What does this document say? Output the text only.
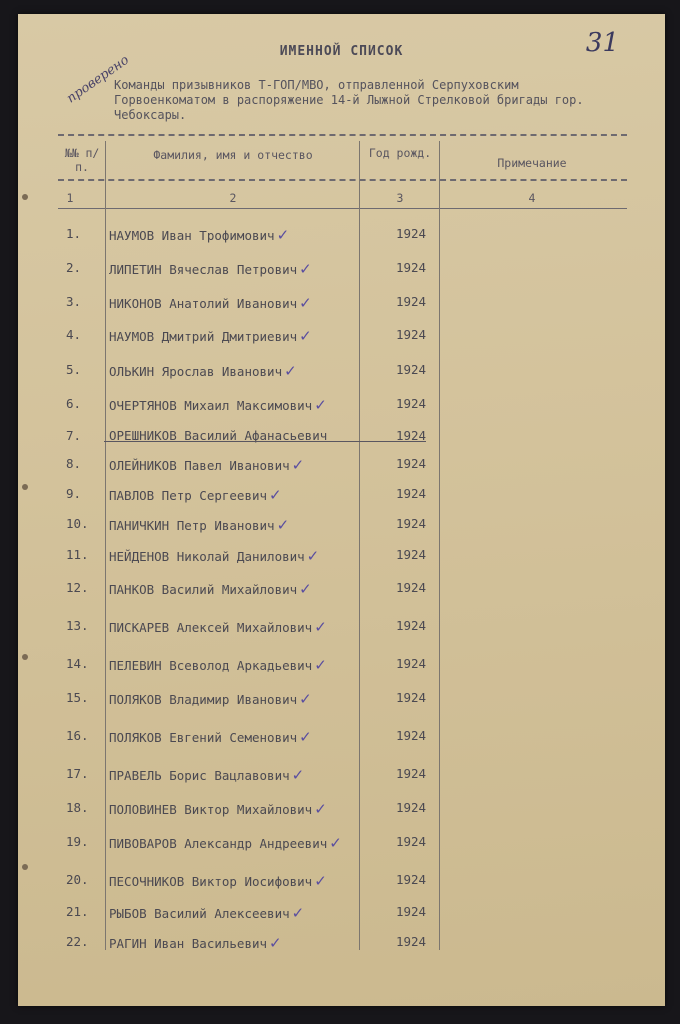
31
проверено
ИМЕННОЙ СПИСОК
Команды призывников Т-ГОП/МВО, отправленной Серпуховским Горвоенкоматом в распоряжение 14-й Лыжной Стрелковой бригады гор. Чебоксары.
№№ п/п.
Фамилия, имя и отчество	Год рожд.
Примечание
1	2	3	4
1.	НАУМОВ Иван Трофимович ✓	1924
2.	ЛИПЕТИН Вячеслав Петрович ✓	1924
3.	НИКОНОВ Анатолий Иванович ✓	1924
4.	НАУМОВ Дмитрий Дмитриевич ✓	1924
5.	ОЛЬКИН Ярослав Иванович ✓	1924
6.	ОЧЕРТЯНОВ Михаил Максимович ✓	1924
7.	ОРЕШНИКОВ Василий Афанасьевич	1924
8.	ОЛЕЙНИКОВ Павел Иванович ✓	1924
9.	ПАВЛОВ Петр Сергеевич ✓	1924
10.	ПАНИЧКИН Петр Иванович ✓	1924
11.	НЕЙДЕНОВ Николай Данилович ✓	1924
12.	ПАНКОВ Василий Михайлович ✓	1924
13.	ПИСКАРЕВ Алексей Михайлович ✓	1924
14.	ПЕЛЕВИН Всеволод Аркадьевич ✓	1924
15.	ПОЛЯКОВ Владимир Иванович ✓	1924
16.	ПОЛЯКОВ Евгений Семенович ✓	1924
17.	ПРАВЕЛЬ Борис Вацлавович ✓	1924
18.	ПОЛОВИНЕВ Виктор Михайлович ✓	1924
19.	ПИВОВАРОВ Александр Андреевич ✓	1924
20.	ПЕСОЧНИКОВ Виктор Иосифович ✓	1924
21.	РЫБОВ Василий Алексеевич ✓	1924
22.	РАГИН Иван Васильевич ✓	1924
